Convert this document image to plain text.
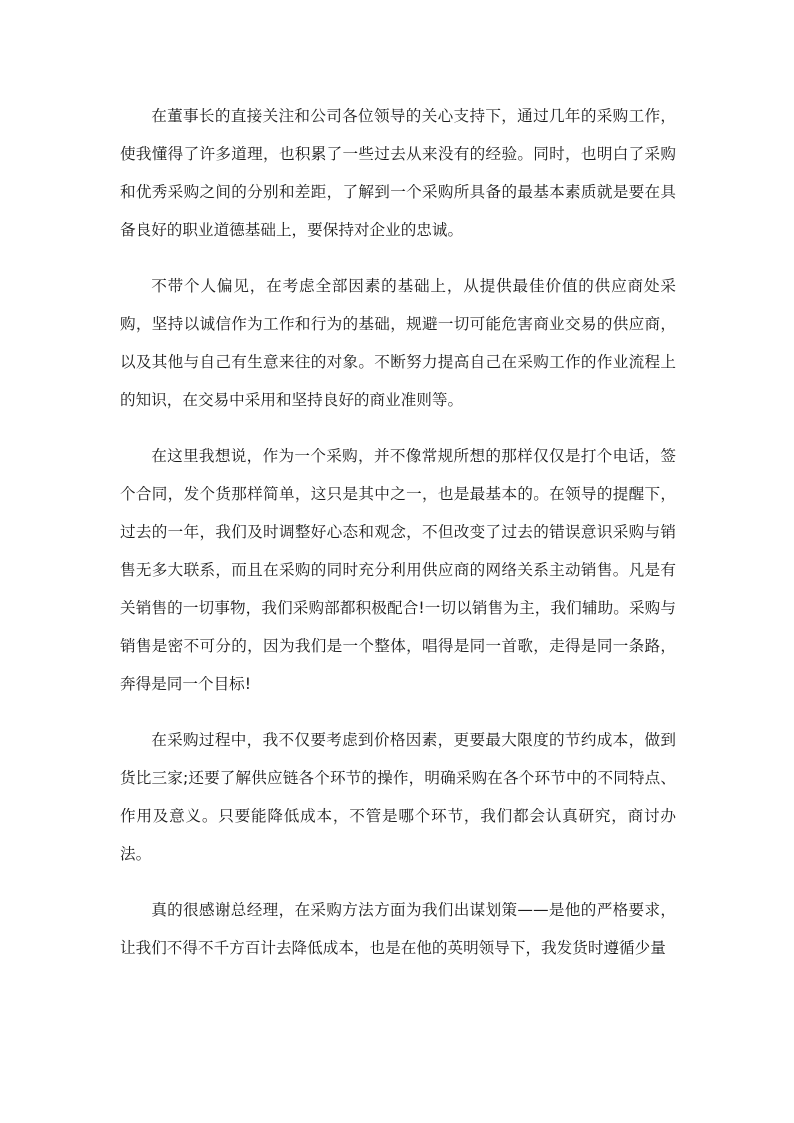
在董事长的直接关注和公司各位领导的关心支持下，通过几年的采购工作，使我懂得了许多道理，也积累了一些过去从来没有的经验。同时，也明白了采购和优秀采购之间的分别和差距，了解到一个采购所具备的最基本素质就是要在具备良好的职业道德基础上，要保持对企业的忠诚。

不带个人偏见，在考虑全部因素的基础上，从提供最佳价值的供应商处采购，坚持以诚信作为工作和行为的基础，规避一切可能危害商业交易的供应商，以及其他与自己有生意来往的对象。不断努力提高自己在采购工作的作业流程上的知识，在交易中采用和坚持良好的商业准则等。

在这里我想说，作为一个采购，并不像常规所想的那样仅仅是打个电话，签个合同，发个货那样简单，这只是其中之一，也是最基本的。在领导的提醒下，过去的一年，我们及时调整好心态和观念，不但改变了过去的错误意识采购与销售无多大联系，而且在采购的同时充分利用供应商的网络关系主动销售。凡是有关销售的一切事物，我们采购部都积极配合!一切以销售为主，我们辅助。采购与销售是密不可分的，因为我们是一个整体，唱得是同一首歌，走得是同一条路，奔得是同一个目标!

在采购过程中，我不仅要考虑到价格因素，更要最大限度的节约成本，做到货比三家;还要了解供应链各个环节的操作，明确采购在各个环节中的不同特点、作用及意义。只要能降低成本，不管是哪个环节，我们都会认真研究，商讨办法。

真的很感谢总经理，在采购方法方面为我们出谋划策——是他的严格要求，让我们不得不千方百计去降低成本，也是在他的英明领导下，我发货时遵循少量
